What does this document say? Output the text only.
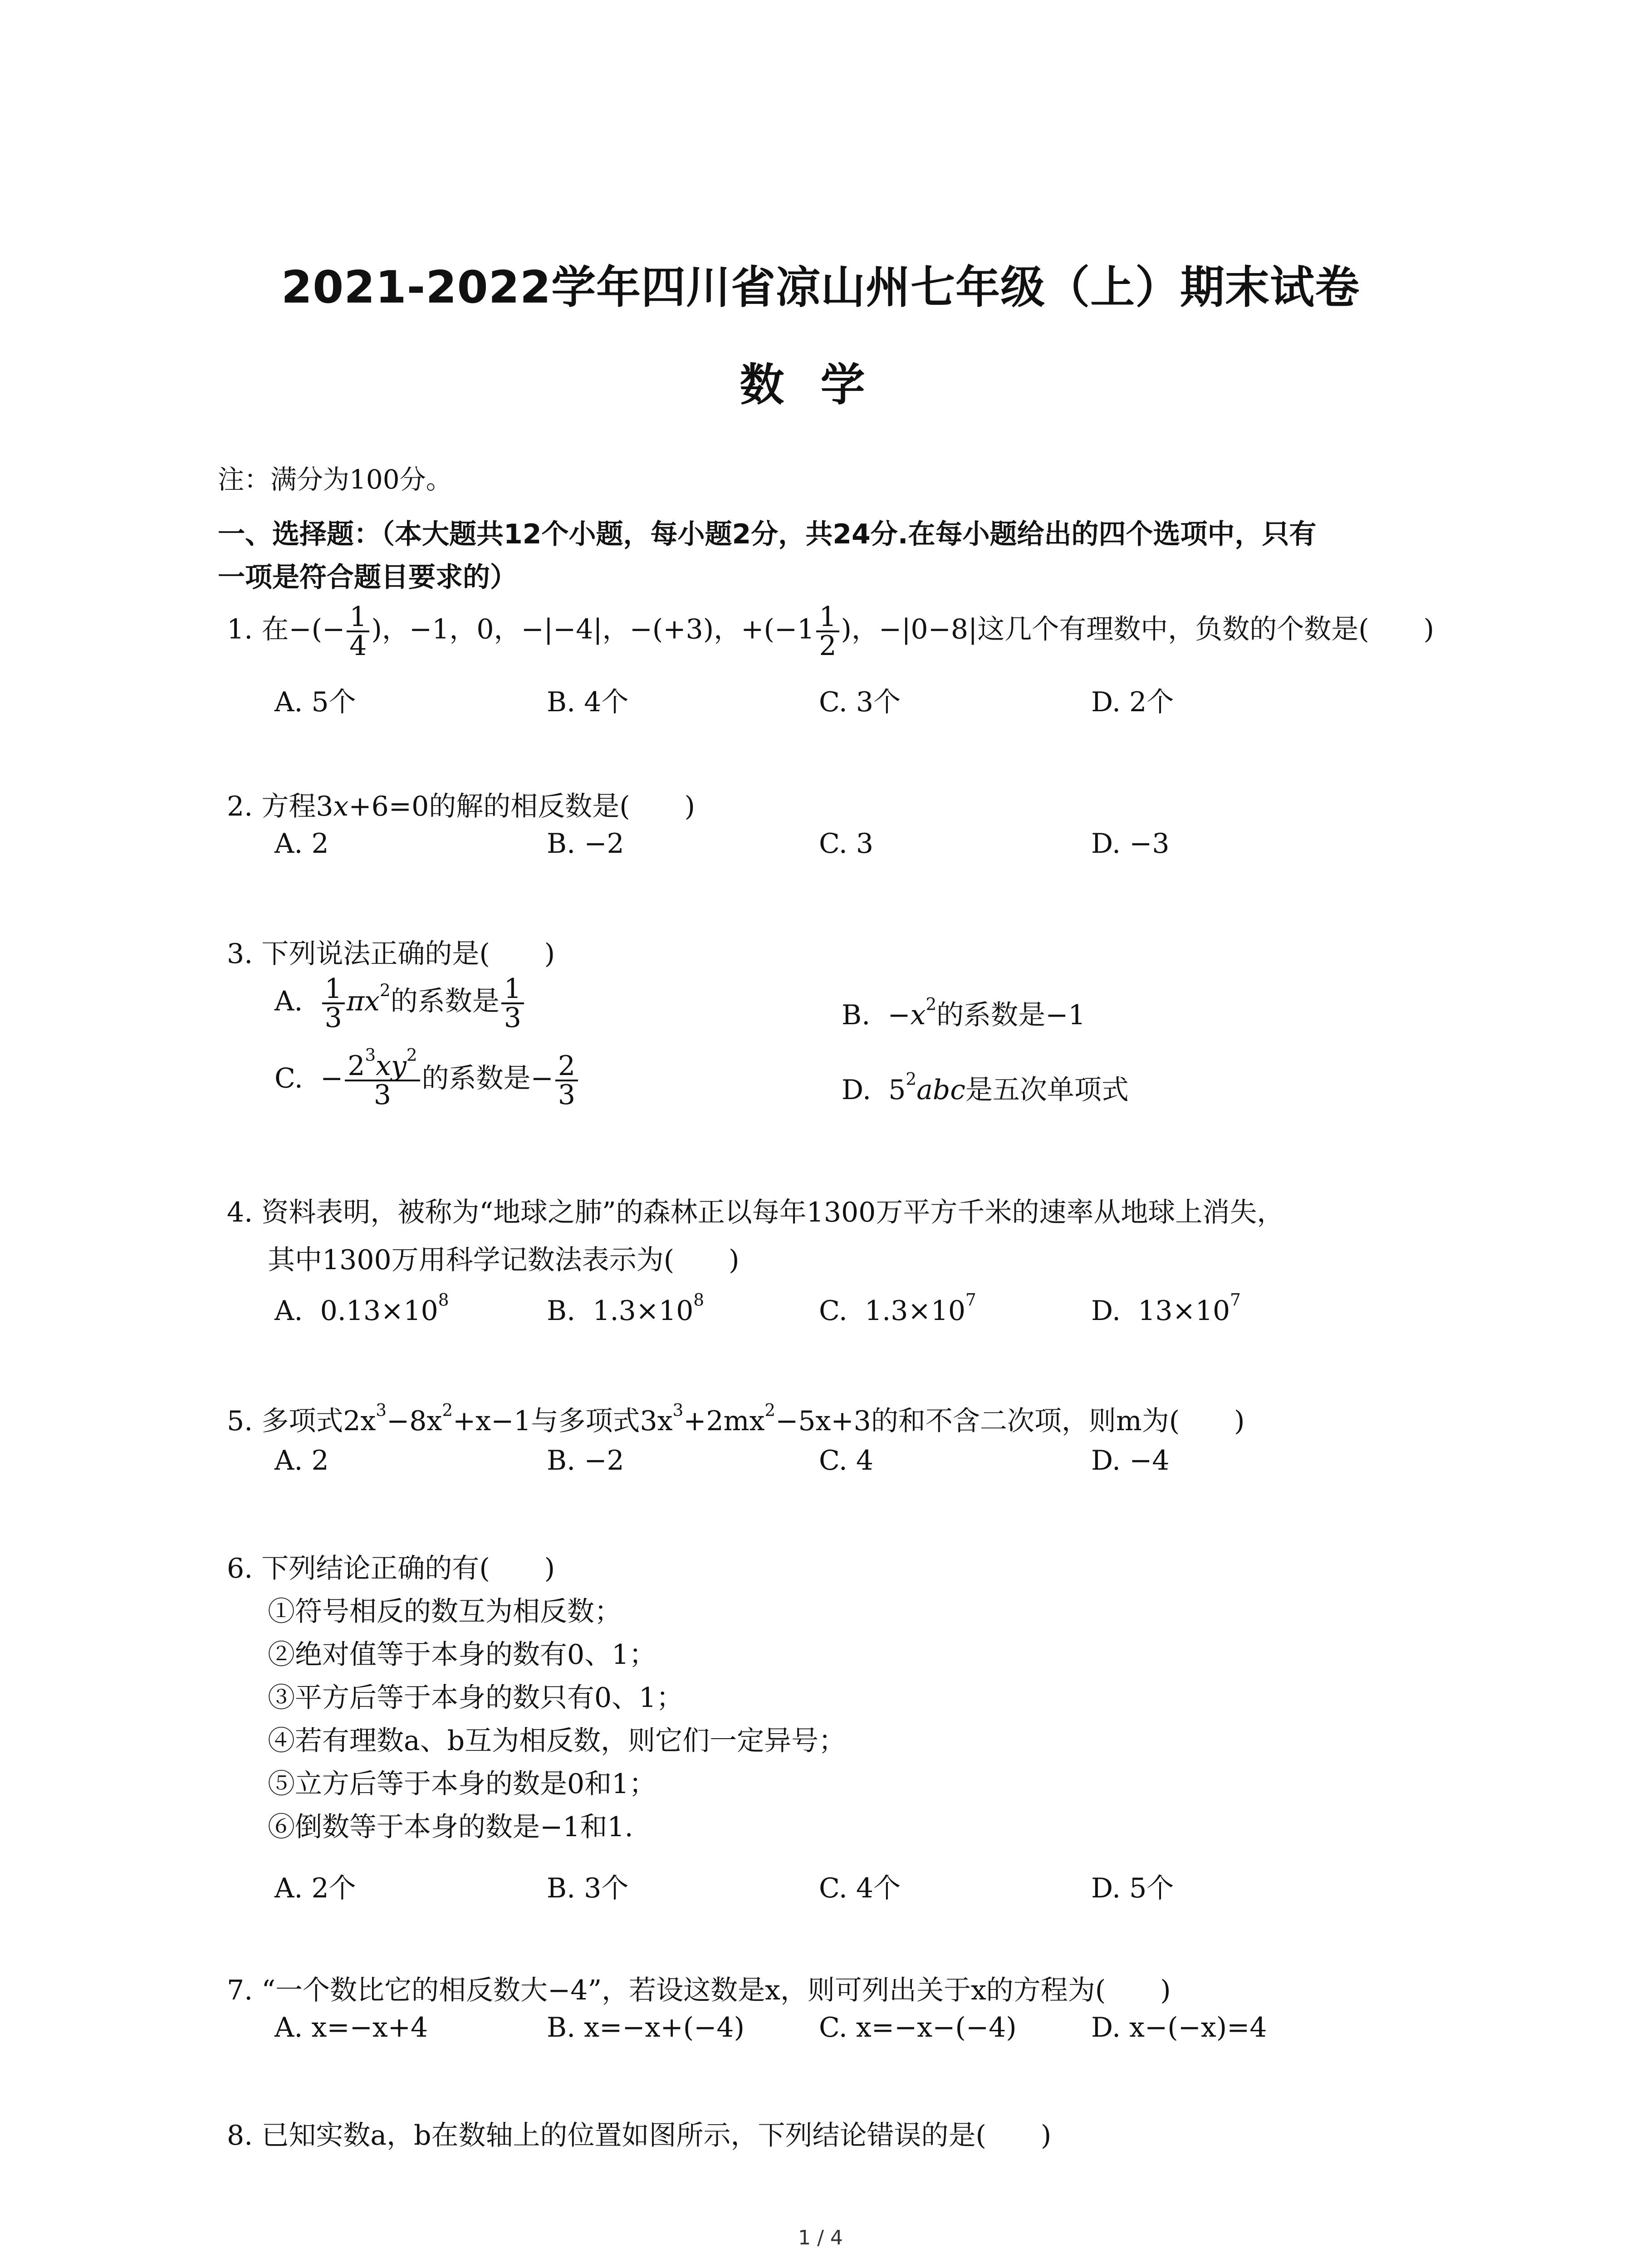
2021-2022学年四川省凉山州七年级（上）期末试卷
数学
注：满分为100分。
一、选择题：（本大题共12个小题，每小题2分，共24分.在每小题给出的四个选项中，只有
一项是符合题目要求的）
1. 在−(− $\frac{1}{4}$ )，−1，0，−|−4|，−(+3)，$+(-1 \frac{1}{2}$ )，−|0−8|这几个有理数中，负数的个数是(　　)
A. 5个	B. 4个	C. 3个	D. 2个
2. 方程3x+6=0的解的相反数是(　　)
A. 2	B. −2	C. 3	D. −3
3. 下列说法正确的是(　　)
A. $\frac{1}{3} \pi x^2$的系数是 $\frac{1}{3}$	B. $-x^2$的系数是−1
C. − $\frac{2^3xy^2}{3}$ 的系数是− $\frac{2}{3}$	D. $5^2abc$是五次单项式
4. 资料表明，被称为“地球之肺”的森林正以每年1300万平方千米的速率从地球上消失，
其中1300万用科学记数法表示为(　　)
A. $0.13\times 10^8$	B. $1.3\times 10^8$	C. $1.3\times 10^7$	D. $13\times 10^7$
5. 多项式$2x^3-8x^2+x-1$与多项式$3x^3+2mx^2-5x+3$的和不含二次项，则m为(　　)
A. 2	B. −2	C. 4	D. −4
6. 下列结论正确的有(　　)
①符号相反的数互为相反数；
②绝对值等于本身的数有0、1；
③平方后等于本身的数只有0、1；
④若有理数a、b互为相反数，则它们一定异号；
⑤立方后等于本身的数是0和1；
⑥倒数等于本身的数是−1和1.
A. 2个	B. 3个	C. 4个	D. 5个
7. “一个数比它的相反数大−4”，若设这数是x，则可列出关于x的方程为(　　)
A. x=−x+4	B. x=−x+(−4)	C. x=−x−(−4)	D. x−(−x)=4
8. 已知实数a，b在数轴上的位置如图所示，下列结论错误的是(　　)
1 / 4
